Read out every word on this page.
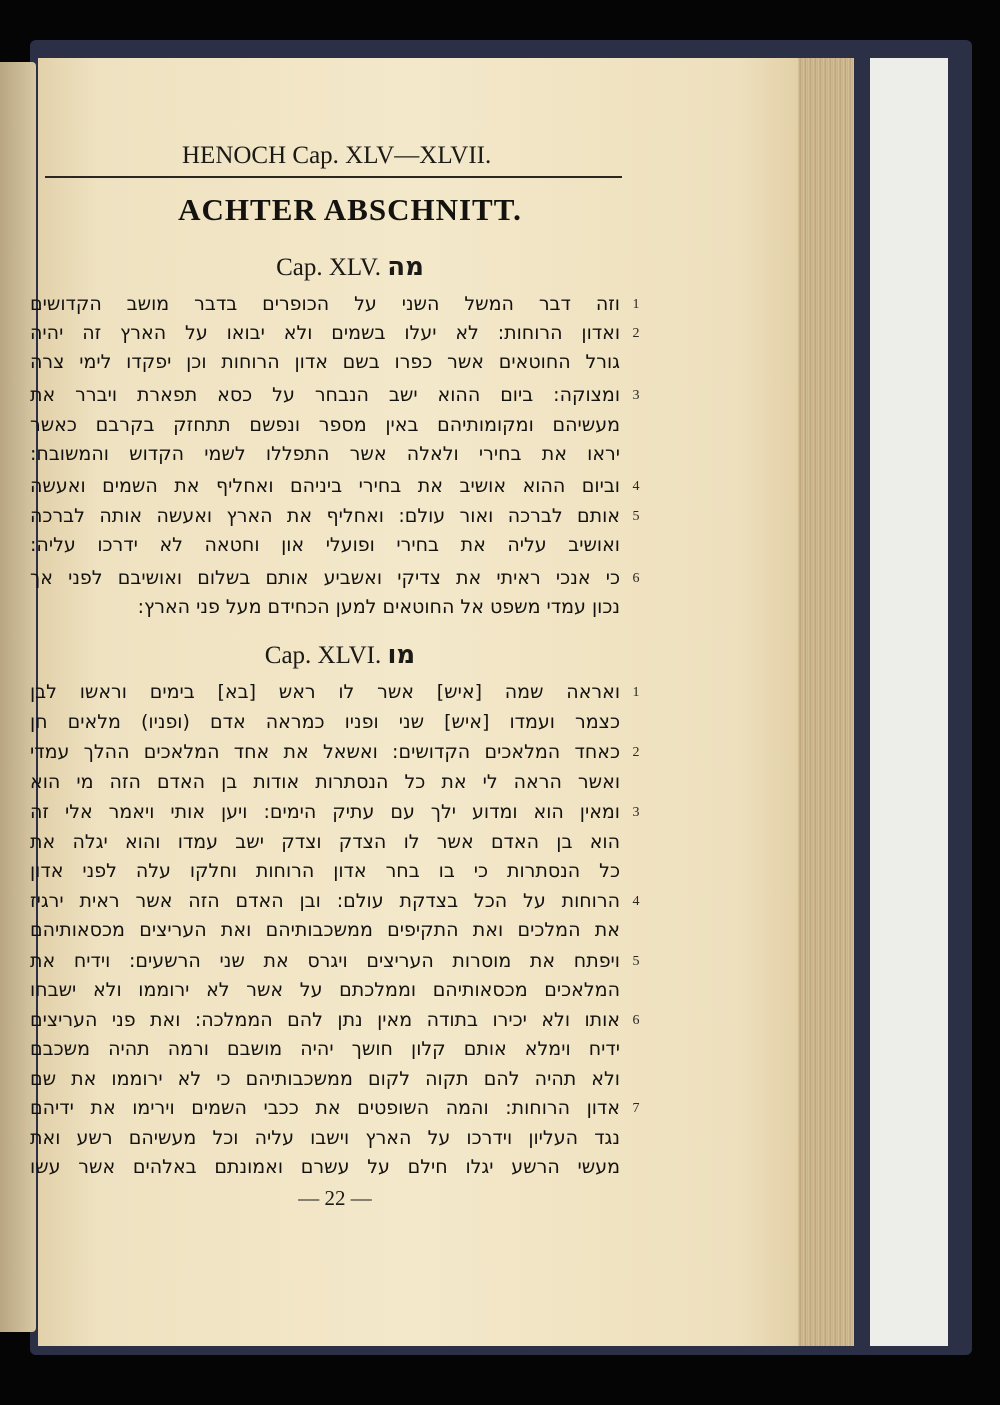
HENOCH Cap. XLV—XLVII.
ACHTER ABSCHNITT.
Cap. XLV. מה
וזה דבר המשל השני על הכופרים בדבר מושב הקדושים
ואדון הרוחות: לא יעלו בשמים ולא יבואו על הארץ זה יהיה
גורל החוטאים אשר כפרו בשם אדון הרוחות וכן יפקדו לימי צרה
ומצוקה: ביום ההוא ישב הנבחר על כסא תפארת ויברר את
מעשיהם ומקומותיהם באין מספר ונפשם תתחזק בקרבם כאשר
יראו את בחירי ולאלה אשר התפללו לשמי הקדוש והמשובח:
וביום ההוא אושיב את בחירי ביניהם ואחליף את השמים ואעשה
אותם לברכה ואור עולם: ואחליף את הארץ ואעשה אותה לברכה
ואושיב עליה את בחירי ופועלי און וחטאה לא ידרכו עליה:
כי אנכי ראיתי את צדיקי ואשביע אותם בשלום ואושיבם לפני אך
נכון עמדי משפט אל החוטאים למען הכחידם מעל פני הארץ:
1
2
3
4
5
6
Cap. XLVI. מו
ואראה שמה [איש] אשר לו ראש [בא] בימים וראשו לבן
כצמר ועמדו [איש] שני ופניו כמראה אדם (ופניו) מלאים חן
כאחד המלאכים הקדושים: ואשאל את אחד המלאכים ההלך עמדי
ואשר הראה לי את כל הנסתרות אודות בן האדם הזה מי הוא
ומאין הוא ומדוע ילך עם עתיק הימים: ויען אותי ויאמר אלי זה
הוא בן האדם אשר לו הצדק וצדק ישב עמדו והוא יגלה את
כל הנסתרות כי בו בחר אדון הרוחות וחלקו עלה לפני אדון
הרוחות על הכל בצדקת עולם: ובן האדם הזה אשר ראית ירגיז
את המלכים ואת התקיפים ממשכבותיהם ואת העריצים מכסאותיהם
ויפתח את מוסרות העריצים ויגרס את שני הרשעים: וידיח את
המלאכים מכסאותיהם וממלכתם על אשר לא ירוממו ולא ישבחו
אותו ולא יכירו בתודה מאין נתן להם הממלכה: ואת פני העריצים
ידיח וימלא אותם קלון חושך יהיה מושבם ורמה תהיה משכבם
ולא תהיה להם תקוה לקום ממשכבותיהם כי לא ירוממו את שם
אדון הרוחות: והמה השופטים את ככבי השמים וירימו את ידיהם
נגד העליון וידרכו על הארץ וישבו עליה וכל מעשיהם רשע ואת
מעשי הרשע יגלו חילם על עשרם ואמונתם באלהים אשר עשו
1
2
3
4
5
6
7
— 22 —
